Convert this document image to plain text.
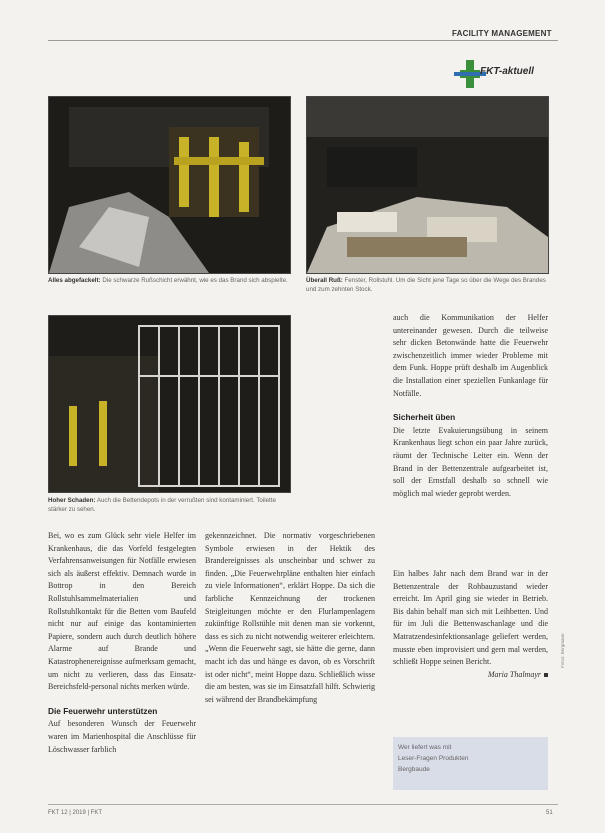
FACILITY MANAGEMENT
FKT-aktuell
Alles abgefackelt: Die schwarze Rußschicht erwähnt, wie es das Brand sich abspielte.	Überall Ruß: Fenster, Rollstuhl. Um die Sicht jene Tage so über die Wege des Brandes und zum zehnten Stock.
Hoher Schaden: Auch die Bettendepots in der verrußten sind kontaminiert. Toilette stärker zu sehen.

Bei, wo es zum Glück sehr viele Helfer im Krankenhaus, die das Vorfeld festgelegten Verfahrensanweisungen für Notfälle erwiesen sich als äußerst effektiv. Demnach wurde in Bottrop in den Bereich Rollstuhlsammelmaterialien und Rollstuhlkontakt für die Betten vom Baufeld nicht nur auf einige das kontaminierten Papiere, sondern auch durch deutlich höhere Alarme auf Brande und Katastrophenereignisse aufmerksam gemacht, um nicht zu verlieren, dass das Einsatz-Bereichsfeld-personal nichts merken würde.

Die Feuerwehr unterstützen

Auf besonderen Wunsch der Feuerwehr waren im Marienhospital die Anschlüsse für Löschwasser farblich

gekennzeichnet. Die normativ vorgeschriebenen Symbole erwiesen in der Hektik des Brandereignisses als unscheinbar und schwer zu finden. „Die Feuerwehrpläne enthalten hier einfach zu viele Informationen“, erklärt Hoppe. Da sich die farbliche Kennzeichnung der trockenen Steigleitungen möchte er den Flurlampenlagern zukünftige Rollstühle mit denen man sie vorkennt, dass es sich zu nicht notwendig weiterer erleichtern. „Wenn die Feuerwehr sagt, sie hätte die gerne, dann macht ich das und hänge es davon, ob es Vorschrift ist oder nicht“, meint Hoppe dazu. Schließlich wisse die am besten, was sie im Einsatzfall hilft. Schwierig sei während der Brandbekämpfung

auch die Kommunikation der Helfer untereinander gewesen. Durch die teilweise sehr dicken Betonwände hatte die Feuerwehr zwischenzeitlich immer wieder Probleme mit dem Funk. Hoppe prüft deshalb im Augenblick die Installation einer speziellen Funkanlage für Notfälle.

Sicherheit üben

Die letzte Evakuierungsübung in seinem Krankenhaus liegt schon ein paar Jahre zurück, räumt der Technische Leiter ein. Wenn der Brand in der Bettenzentrale aufgearbeitet ist, soll der Ernstfall deshalb so schnell wie möglich mal wieder geprobt werden.

Ein halbes Jahr nach dem Brand war in der Bettenzentrale der Rohbauzustand wieder erreicht. Im April ging sie wieder in Betrieb. Bis dahin behalf man sich mit Leihbetten. Und für im Juli die Bettenwaschanlage und die Matratzendesinfektionsanlage geliefert werden, musste eben improvisiert und gern mal werden, schließt Hoppe seinen Bericht.

Maria Thalmayr

Fotos: Bergmann
Wer liefert was mit
Leser-Fragen Produkten
Bergbaude
FKT 12 | 2019 | FKT	51
